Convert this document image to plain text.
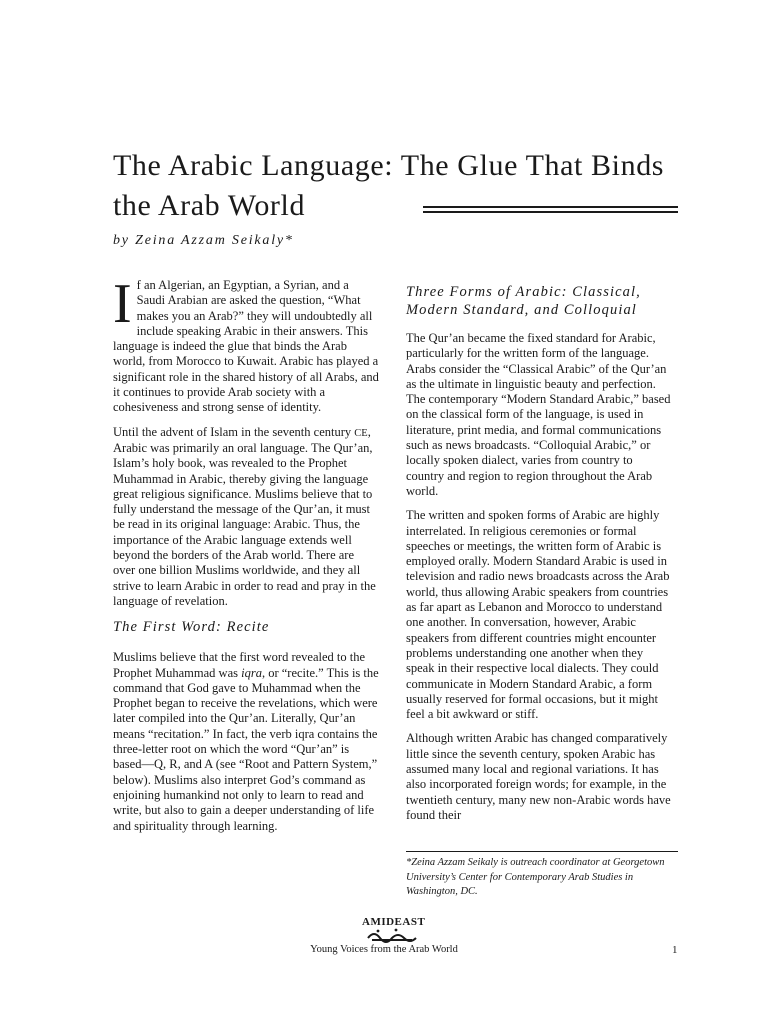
The Arabic Language: The Glue That Binds the Arab World
by Zeina Azzam Seikaly*

If an Algerian, an Egyptian, a Syrian, and a Saudi Arabian are asked the question, “What makes you an Arab?” they will undoubtedly all include speaking Arabic in their answers. This language is indeed the glue that binds the Arab world, from Morocco to Kuwait. Arabic has played a significant role in the shared history of all Arabs, and it continues to provide Arab society with a cohesiveness and strong sense of identity.

Until the advent of Islam in the seventh century CE, Arabic was primarily an oral language. The Qur’an, Islam’s holy book, was revealed to the Prophet Muhammad in Arabic, thereby giving the language great religious significance. Muslims believe that to fully understand the message of the Qur’an, it must be read in its original language: Arabic. Thus, the importance of the Arabic language extends well beyond the borders of the Arab world. There are over one billion Muslims worldwide, and they all strive to learn Arabic in order to read and pray in the language of revelation.

The First Word: Recite

Muslims believe that the first word revealed to the Prophet Muhammad was iqra, or “recite.” This is the command that God gave to Muhammad when the Prophet began to receive the revelations, which were later compiled into the Qur’an. Literally, Qur’an means “recitation.” In fact, the verb iqra contains the three-letter root on which the word “Qur’an” is based—Q, R, and A (see “Root and Pattern System,” below). Muslims also interpret God’s command as enjoining humankind not only to learn to read and write, but also to gain a deeper understanding of life and spirituality through learning.

Three Forms of Arabic: Classical, Modern Standard, and Colloquial

The Qur’an became the fixed standard for Arabic, particularly for the written form of the language. Arabs consider the “Classical Arabic” of the Qur’an as the ultimate in linguistic beauty and perfection. The contemporary “Modern Standard Arabic,” based on the classical form of the language, is used in literature, print media, and formal communications such as news broadcasts. “Colloquial Arabic,” or locally spoken dialect, varies from country to country and region to region throughout the Arab world.

The written and spoken forms of Arabic are highly interrelated. In religious ceremonies or formal speeches or meetings, the written form of Arabic is employed orally. Modern Standard Arabic is used in television and radio news broadcasts across the Arab world, thus allowing Arabic speakers from countries as far apart as Lebanon and Morocco to understand one another. In conversation, however, Arabic speakers from different countries might encounter problems understanding one another when they speak in their respective local dialects. They could communicate in Modern Standard Arabic, a form usually reserved for formal occasions, but it might feel a bit awkward or stiff.

Although written Arabic has changed comparatively little since the seventh century, spoken Arabic has assumed many local and regional variations. It has also incorporated foreign words; for example, in the twentieth century, many new non-Arabic words have found their

*Zeina Azzam Seikaly is outreach coordinator at Georgetown University’s Center for Contemporary Arab Studies in Washington, DC.
AMIDEAST
Young Voices from the Arab World	1
